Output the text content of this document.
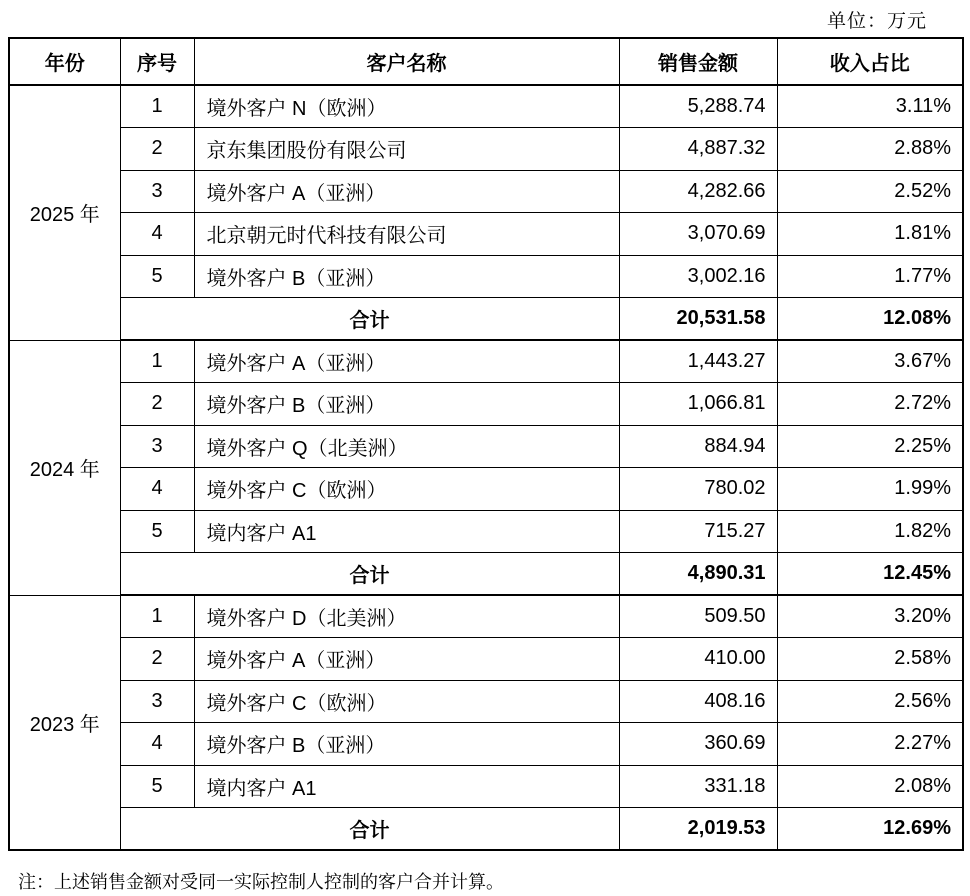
单位：万元
年份	序号	客户名称	销售金额	收入占比
2025 年	1	境外客户 N（欧洲）	5,288.74	3.11%
	2	京东集团股份有限公司	4,887.32	2.88%
	3	境外客户 A（亚洲）	4,282.66	2.52%
	4	北京朝元时代科技有限公司	3,070.69	1.81%
	5	境外客户 B（亚洲）	3,002.16	1.77%
	合计		20,531.58	12.08%
2024 年	1	境外客户 A（亚洲）	1,443.27	3.67%
	2	境外客户 B（亚洲）	1,066.81	2.72%
	3	境外客户 Q（北美洲）	884.94	2.25%
	4	境外客户 C（欧洲）	780.02	1.99%
	5	境内客户 A1	715.27	1.82%
	合计		4,890.31	12.45%
2023 年	1	境外客户 D（北美洲）	509.50	3.20%
	2	境外客户 A（亚洲）	410.00	2.58%
	3	境外客户 C（欧洲）	408.16	2.56%
	4	境外客户 B（亚洲）	360.69	2.27%
	5	境内客户 A1	331.18	2.08%
	合计		2,019.53	12.69%
注：上述销售金额对受同一实际控制人控制的客户合并计算。
